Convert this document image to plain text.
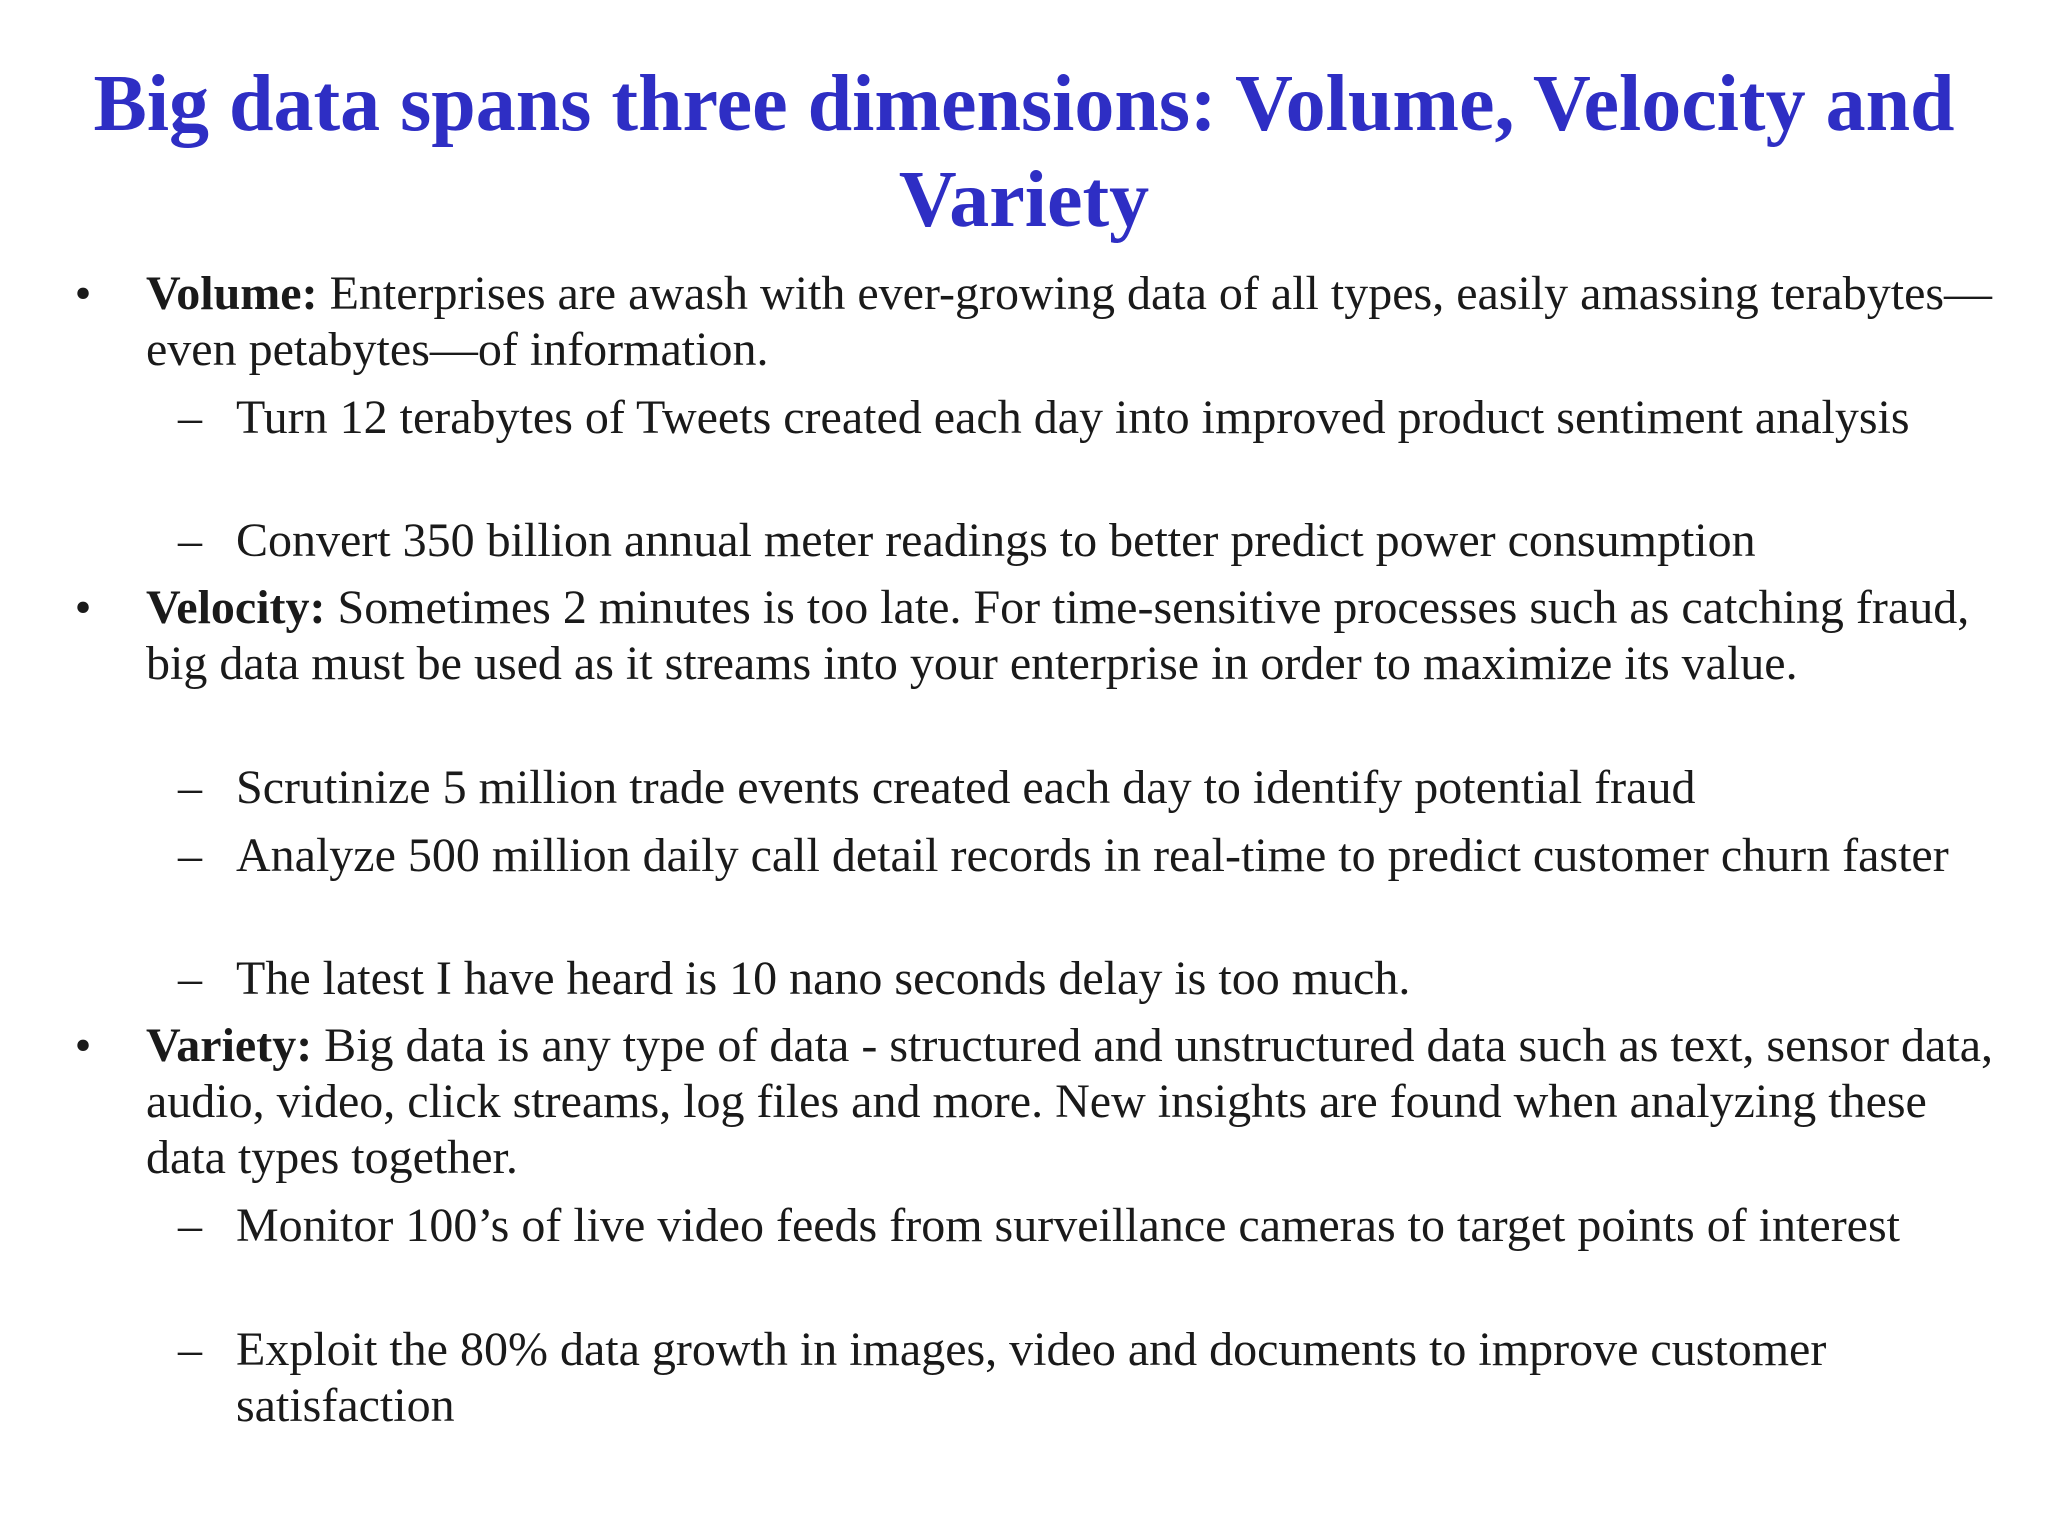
Big data spans three dimensions: Volume, Velocity and Variety
• Volume: Enterprises are awash with ever-growing data of all types, easily amassing terabytes—even petabytes—of information.
– Turn 12 terabytes of Tweets created each day into improved product sentiment analysis
– Convert 350 billion annual meter readings to better predict power consumption
• Velocity: Sometimes 2 minutes is too late. For time-sensitive processes such as catching fraud, big data must be used as it streams into your enterprise in order to maximize its value.
– Scrutinize 5 million trade events created each day to identify potential fraud
– Analyze 500 million daily call detail records in real-time to predict customer churn faster
– The latest I have heard is 10 nano seconds delay is too much.
• Variety: Big data is any type of data - structured and unstructured data such as text, sensor data, audio, video, click streams, log files and more. New insights are found when analyzing these data types together.
– Monitor 100’s of live video feeds from surveillance cameras to target points of interest
– Exploit the 80% data growth in images, video and documents to improve customer satisfaction
